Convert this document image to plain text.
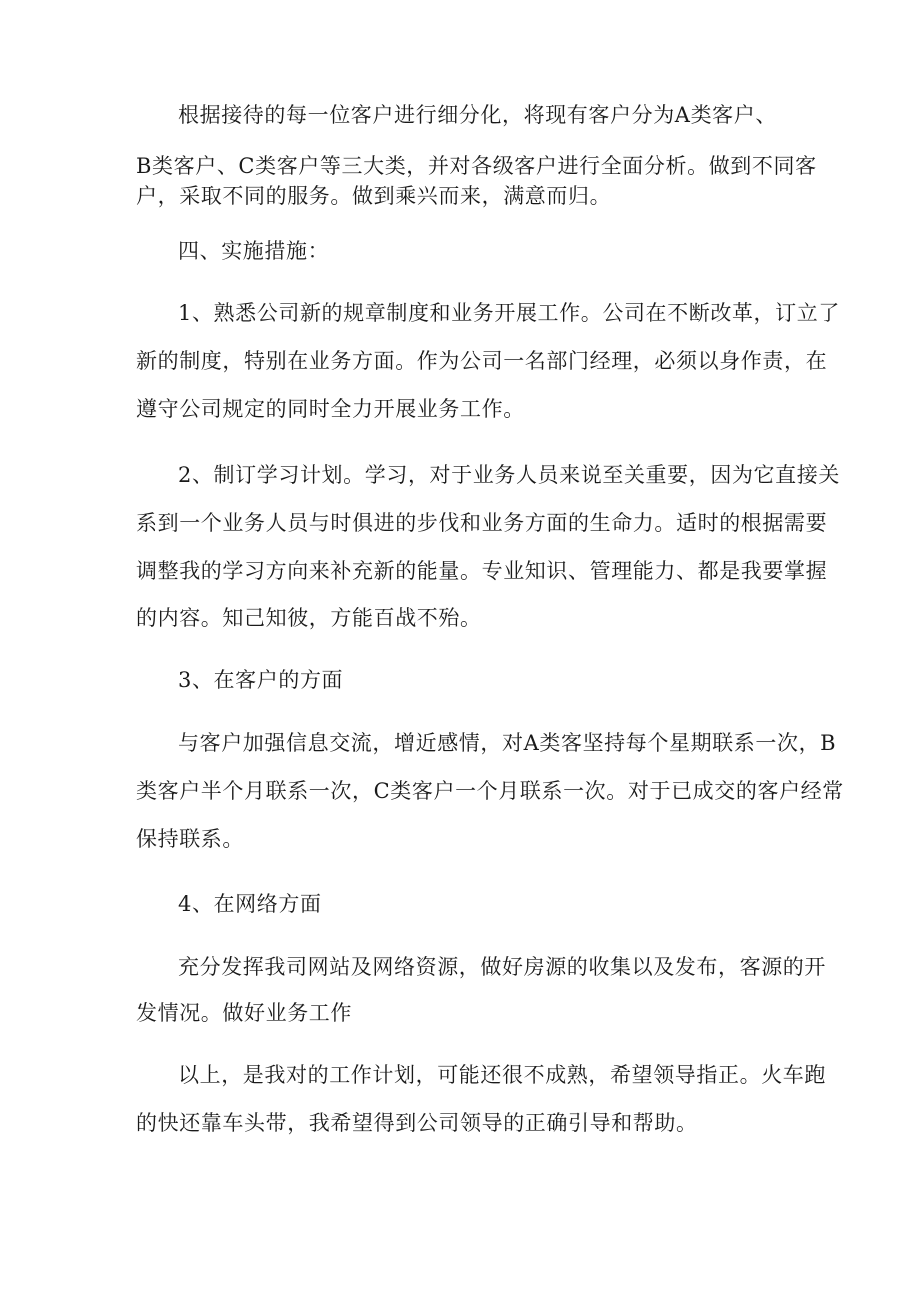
根据接待的每一位客户进行细分化，将现有客户分为A类客户、
B类客户、C类客户等三大类，并对各级客户进行全面分析。做到不同客
户，采取不同的服务。做到乘兴而来，满意而归。
四、实施措施：
1、熟悉公司新的规章制度和业务开展工作。公司在不断改革，订立了
新的制度，特别在业务方面。作为公司一名部门经理，必须以身作责，在
遵守公司规定的同时全力开展业务工作。
2、制订学习计划。学习，对于业务人员来说至关重要，因为它直接关
系到一个业务人员与时俱进的步伐和业务方面的生命力。适时的根据需要
调整我的学习方向来补充新的能量。专业知识、管理能力、都是我要掌握
的内容。知己知彼，方能百战不殆。
3、在客户的方面
与客户加强信息交流，增近感情，对A类客坚持每个星期联系一次，B
类客户半个月联系一次，C类客户一个月联系一次。对于已成交的客户经常
保持联系。
4、在网络方面
充分发挥我司网站及网络资源，做好房源的收集以及发布，客源的开
发情况。做好业务工作
以上，是我对的工作计划，可能还很不成熟，希望领导指正。火车跑
的快还靠车头带，我希望得到公司领导的正确引导和帮助。
